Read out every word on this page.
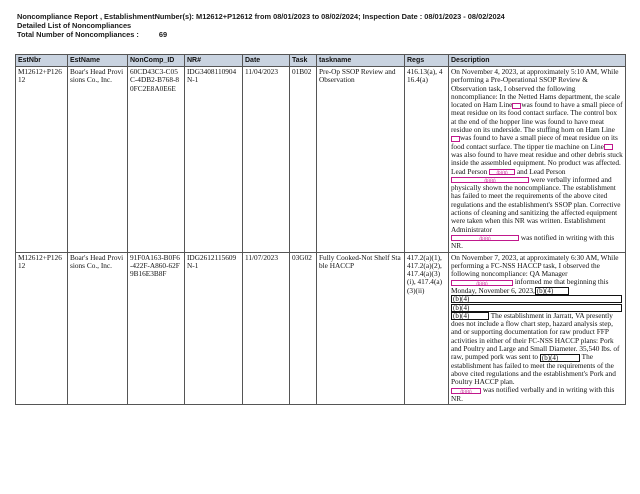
Noncompliance Report , EstablishmentNumber(s): M12612+P12612 from 08/01/2023 to 08/02/2024; Inspection Date : 08/01/2023 - 08/02/2024
Detailed List of Noncompliances
Total Number of Noncompliances :	69
EstNbr	EstName	NonComp_ID	NR#	Date	Task	taskname	Regs	Description
M12612+P12612	Boar's Head Provisions Co., Inc.	60CD43C3-C05C-4DB2-B768-80FC2E8A0E6E	IDG3408110904N-1	11/04/2023	01B02	Pre-Op SSOP Review and Observation	416.13(a), 416.4(a)	On November 4, 2023, at approximately 5:10 AM, While performing a Pre-Operational SSOP Review & Observation task, I observed the following noncompliance: In the Netted Hams department, the scale located on Ham Line was found to have a small piece of meat residue on its food contact surface. The control box at the end of the hopper line was found to have meat residue on its underside. The stuffing horn on Ham Linewas found to have a small piece of meat residue on its food contact surface. The tipper tie machine on Linewas also found to have meat residue and other debris stuck inside the assembled equipment. No product was affected. Lead Person (b)(6) and Lead Person
(b)(6) were verbally informed and physically shown the noncompliance. The establishment has failed to meet the requirements of the above cited regulations and the establishment's SSOP plan. Corrective actions of cleaning and sanitizing the affected equipment were taken when this NR was written. Establishment Administrator
(b)(6) was notified in writing with this NR.
M12612+P12612	Boar's Head Provisions Co., Inc.	91F0A163-B0F6-422F-A860-62F9B16E3B8F	IDG2612115609N-1	11/07/2023	03G02	Fully Cooked-Not Shelf Stable HACCP	417.2(a)(1), 417.2(a)(2), 417.4(a)(3)(i), 417.4(a)(3)(ii)	On November 7, 2023, at approximately 6:30 AM, While performing a FC-NSS HACCP task, I observed the following noncompliance: QA Manager (b)(6) informed me that beginning this Monday, November 6, 2023, (b)(4)
(b)(4)
(b)(4)
(b)(4) The establishment in Jarratt, VA presently does not include a flow chart step, hazard analysis step, and or supporting documentation for raw product FFP activities in either of their FC-NSS HACCP plans: Pork and Poultry and Large and Small Diameter. 35,540 lbs. of raw, pumped pork was sent to (b)(4) The establishment has failed to meet the requirements of the above cited regulations and the establishment's Pork and Poultry HACCP plan.
(b)(6) was notified verbally and in writing with this NR.
